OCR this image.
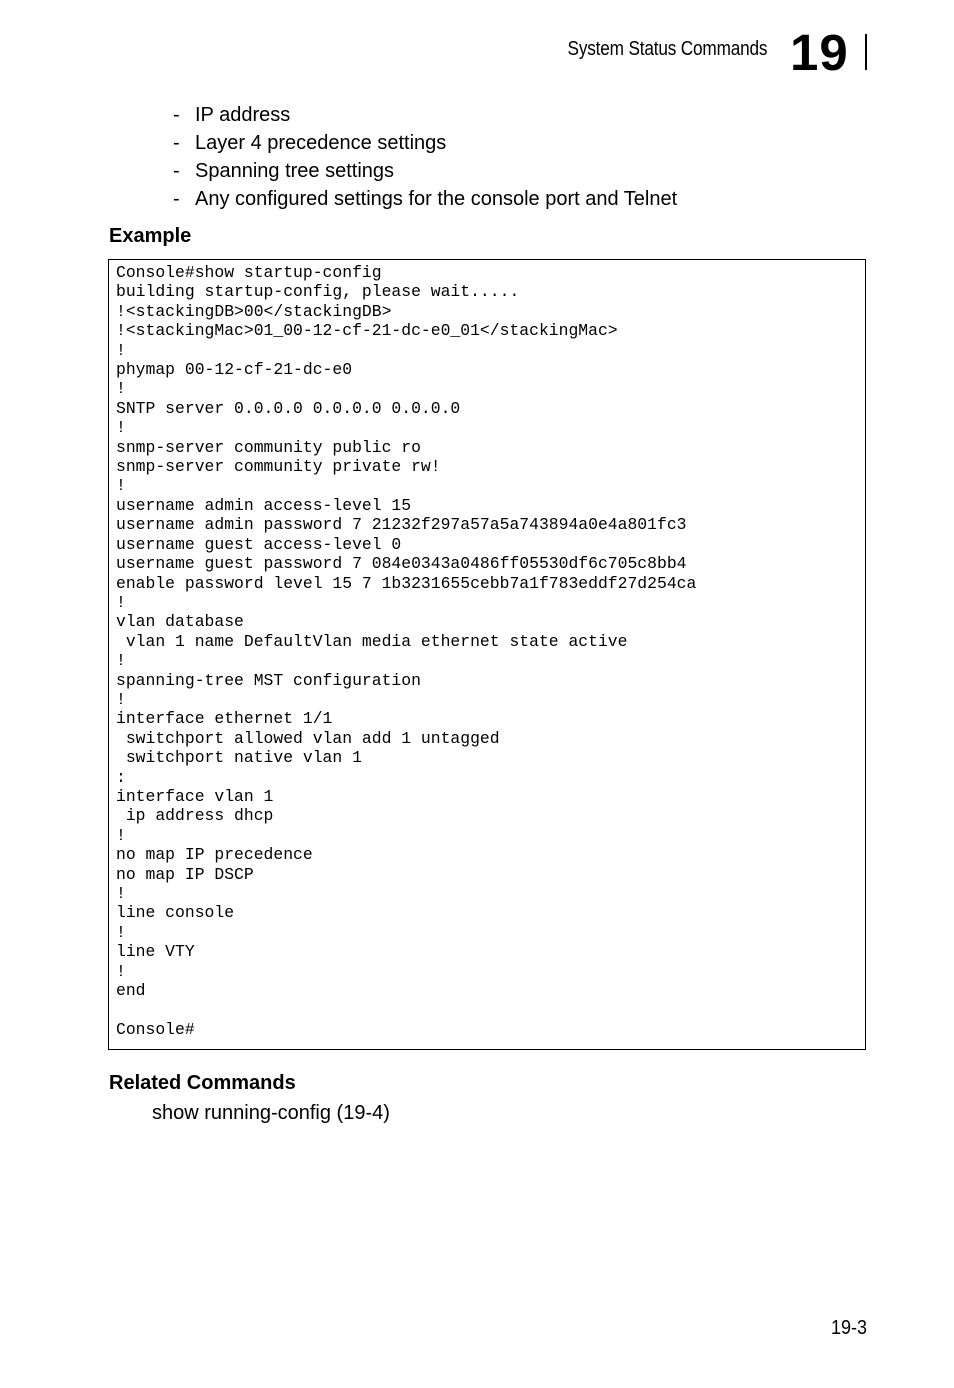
System Status Commands 19
- IP address
- Layer 4 precedence settings
- Spanning tree settings
- Any configured settings for the console port and Telnet
Example
Console#show startup-config
building startup-config, please wait.....
!<stackingDB>00</stackingDB>
!<stackingMac>01_00-12-cf-21-dc-e0_01</stackingMac>
!
phymap 00-12-cf-21-dc-e0
!
SNTP server 0.0.0.0 0.0.0.0 0.0.0.0
!
snmp-server community public ro
snmp-server community private rw!
!
username admin access-level 15
username admin password 7 21232f297a57a5a743894a0e4a801fc3
username guest access-level 0
username guest password 7 084e0343a0486ff05530df6c705c8bb4
enable password level 15 7 1b3231655cebb7a1f783eddf27d254ca
!
vlan database
vlan 1 name DefaultVlan media ethernet state active
!
spanning-tree MST configuration
!
interface ethernet 1/1
switchport allowed vlan add 1 untagged
switchport native vlan 1
:
interface vlan 1
ip address dhcp
!
no map IP precedence
no map IP DSCP
!
line console
!
line VTY
!
end

Console#
Related Commands
show running-config (19-4)
19-3
